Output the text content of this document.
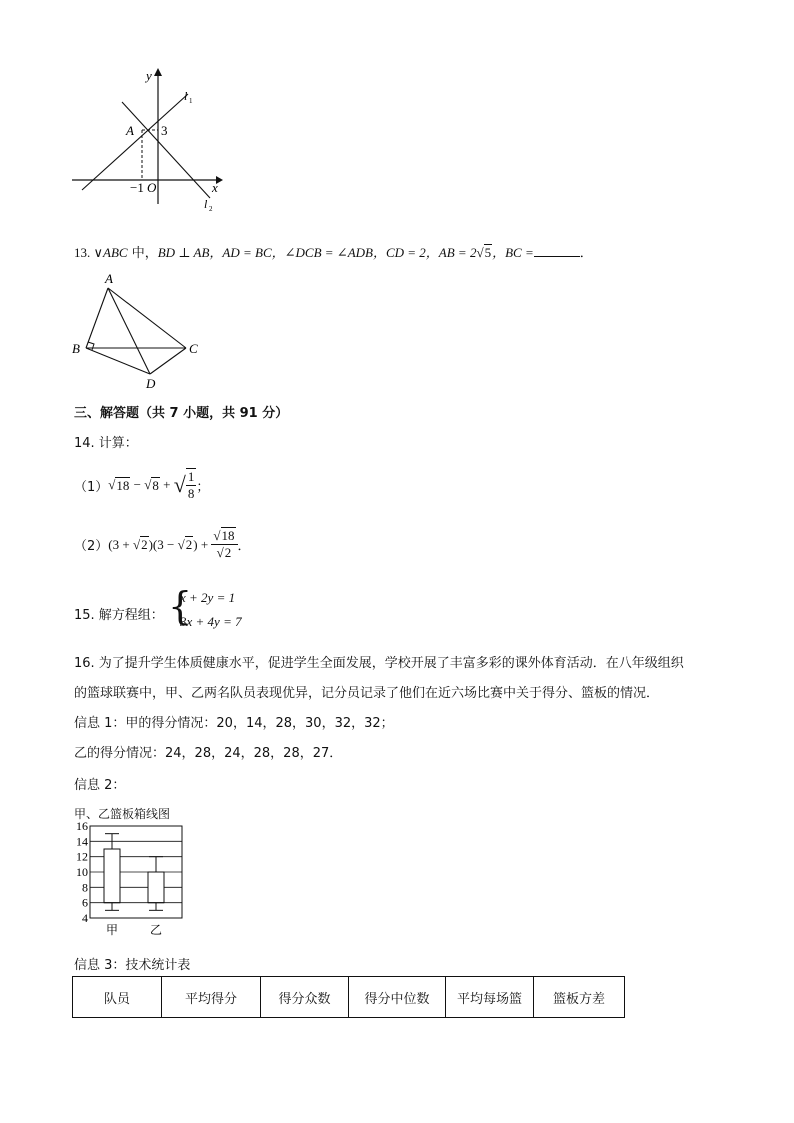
y
x
l 1
l 2
A 3
−1 O
13. ∨ABC 中，BD ⊥ AB，AD = BC，∠DCB = ∠ADB，CD = 2，AB = 2√5，BC =	．
A
B	C
D
三、解答题（共 7 小题，共 91 分）
14. 计算：
（1） √ 18 − √ 8 + √ $\frac{1}{8}$ ；
（2） (3 + √ 2 )(3 − √ 2 ) + $\frac{√18}{√2}$ ．
15. 解方程组： {
x + 2y = 1
3x + 4y = 7
16. 为了提升学生体质健康水平，促进学生全面发展，学校开展了丰富多彩的课外体育活动．在八年级组织
的篮球联赛中，甲、乙两名队员表现优异，记分员记录了他们在近六场比赛中关于得分、篮板的情况．
信息 1：甲的得分情况：20，14，28，30，32，32；
乙的得分情况：24，28，24，28，28，27．
信息 2：
甲、乙篮板箱线图
16
14
12
10
8
6
4
甲	乙
信息 3：技术统计表
队员	平均得分	得分众数	得分中位数	平均每场篮	篮板方差
